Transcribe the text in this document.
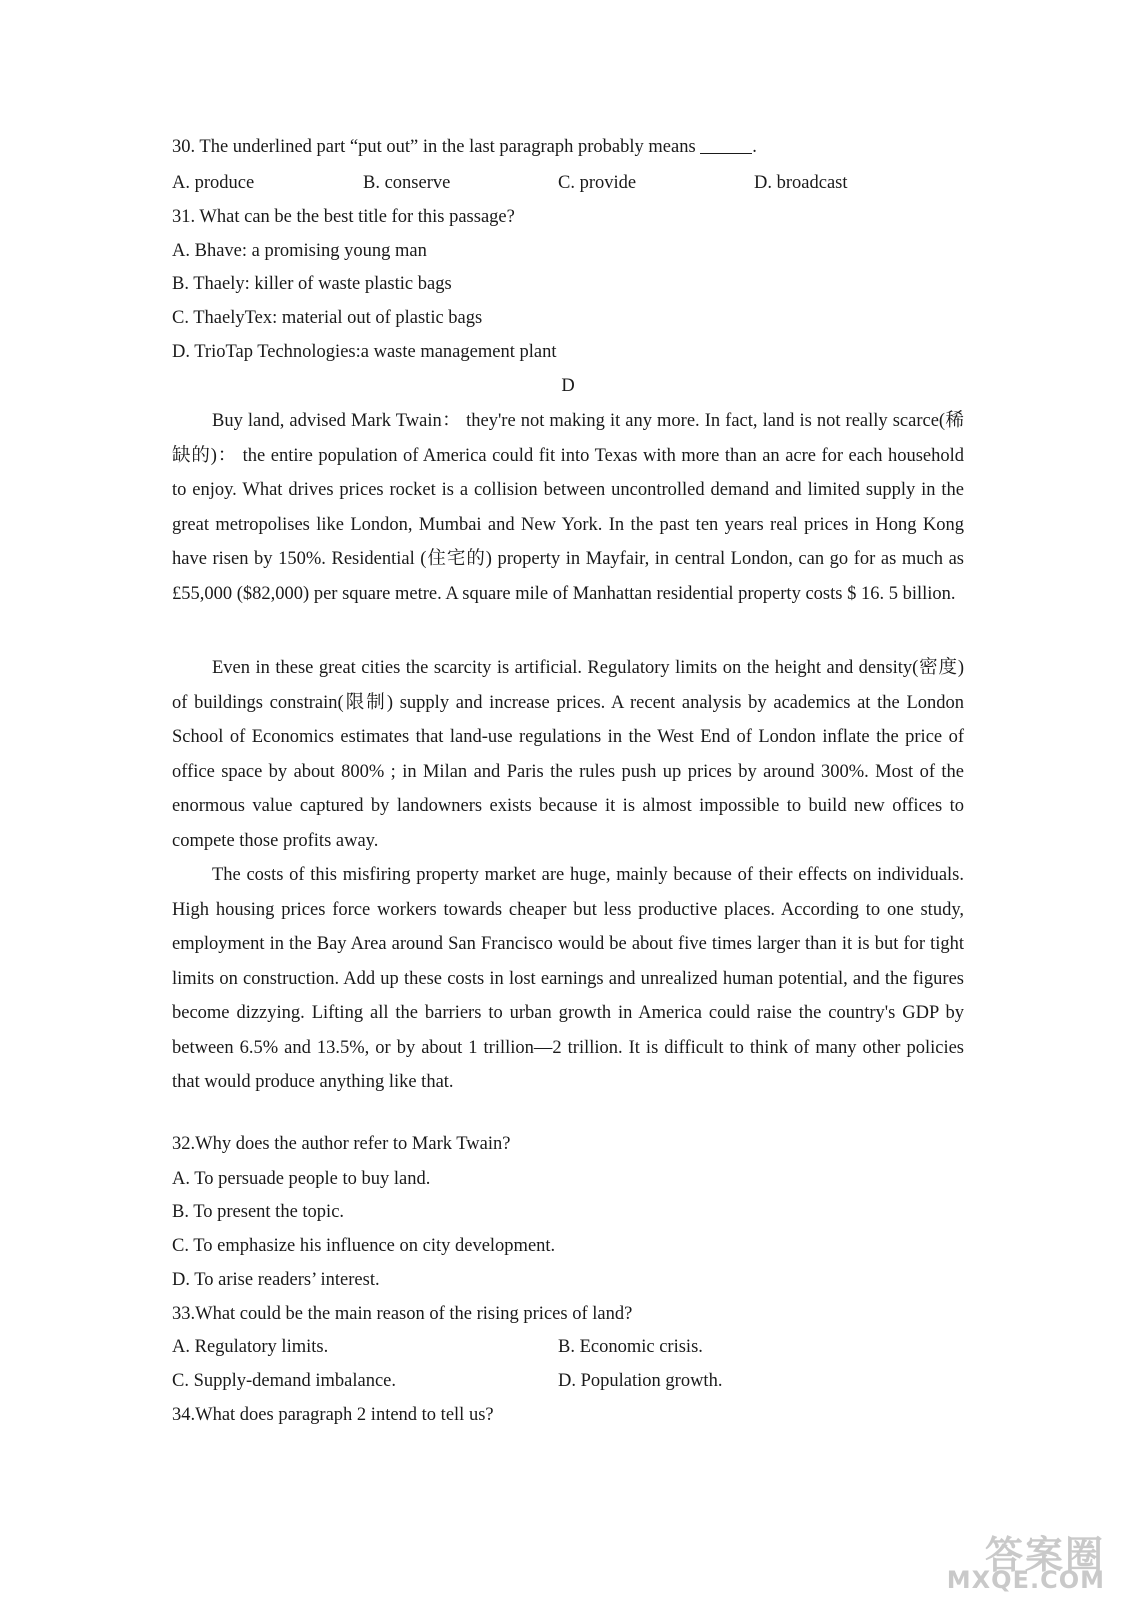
30. The underlined part “put out” in the last paragraph probably means	.
A. produce	B. conserve	C. provide	D. broadcast
31. What can be the best title for this passage?
A. Bhave: a promising young man
B. Thaely: killer of waste plastic bags
C. ThaelyTex: material out of plastic bags
D. TrioTap Technologies:a waste management plant
D

Buy land, advised Mark Twain： they're not making it any more. In fact, land is not really scarce(稀缺的)： the entire population of America could fit into Texas with more than an acre for each household to enjoy. What drives prices rocket is a collision between uncontrolled demand and limited supply in the great metropolises like London, Mumbai and New York. In the past ten years real prices in Hong Kong have risen by 150%. Residential (住宅的) property in Mayfair, in central London, can go for as much as £55,000 ($82,000) per square metre. A square mile of Manhattan residential property costs $ 16. 5 billion.

Even in these great cities the scarcity is artificial. Regulatory limits on the height and density(密度) of buildings constrain(限制) supply and increase prices. A recent analysis by academics at the London School of Economics estimates that land-use regulations in the West End of London inflate the price of office space by about 800% ; in Milan and Paris the rules push up prices by around 300%. Most of the enormous value captured by landowners exists because it is almost impossible to build new offices to compete those profits away.

The costs of this misfiring property market are huge, mainly because of their effects on individuals. High housing prices force workers towards cheaper but less productive places. According to one study, employment in the Bay Area around San Francisco would be about five times larger than it is but for tight limits on construction. Add up these costs in lost earnings and unrealized human potential, and the figures become dizzying. Lifting all the barriers to urban growth in America could raise the country's GDP by between 6.5% and 13.5%, or by about 1 trillion—2 trillion. It is difficult to think of many other policies that would produce anything like that.

32.Why does the author refer to Mark Twain?
A. To persuade people to buy land.
B. To present the topic.
C. To emphasize his influence on city development.
D. To arise readers’ interest.
33.What could be the main reason of the rising prices of land?
A. Regulatory limits.	B. Economic crisis.
C. Supply-demand imbalance.	D. Population growth.
34.What does paragraph 2 intend to tell us?
答案圈
MXQE.COM
